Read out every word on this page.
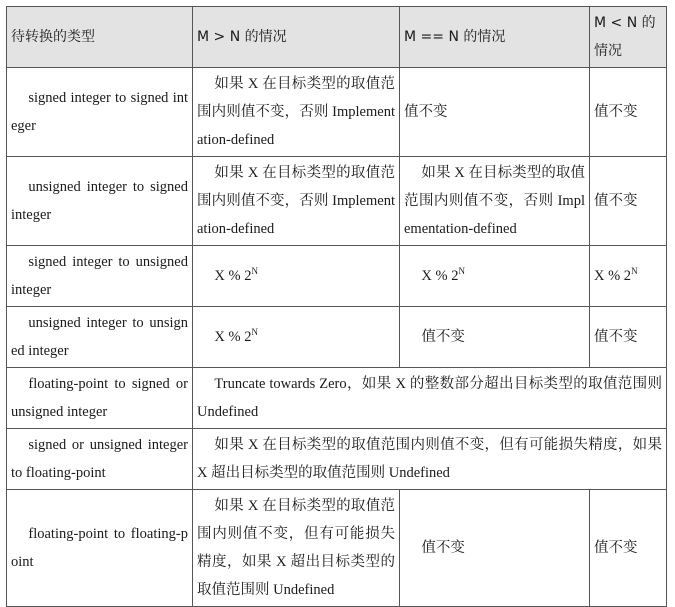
待转换的类型	M > N 的情况	M == N 的情况	M < N 的情况
signed integer to signed integer	如果 X 在目标类型的取值范围内则值不变，否则 Implementation-defined	值不变	值不变
unsigned integer to signed integer	如果 X 在目标类型的取值范围内则值不变，否则 Implementation-defined	如果 X 在目标类型的取值范围内则值不变，否则 Implementation-defined	值不变
signed integer to unsigned integer	X % $2^N$	X % $2^N$	X % $2^N$
unsigned integer to unsigned integer	X % $2^N$	值不变	值不变
floating-point to signed or unsigned integer	Truncate towards Zero，如果 X 的整数部分超出目标类型的取值范围则 Undefined		
signed or unsigned integer to floating-point	如果 X 在目标类型的取值范围内则值不变，但有可能损失精度，如果 X 超出目标类型的取值范围则 Undefined		
floating-point to floating-point	如果 X 在目标类型的取值范围内则值不变，但有可能损失精度，如果 X 超出目标类型的取值范围则 Undefined	值不变	值不变
